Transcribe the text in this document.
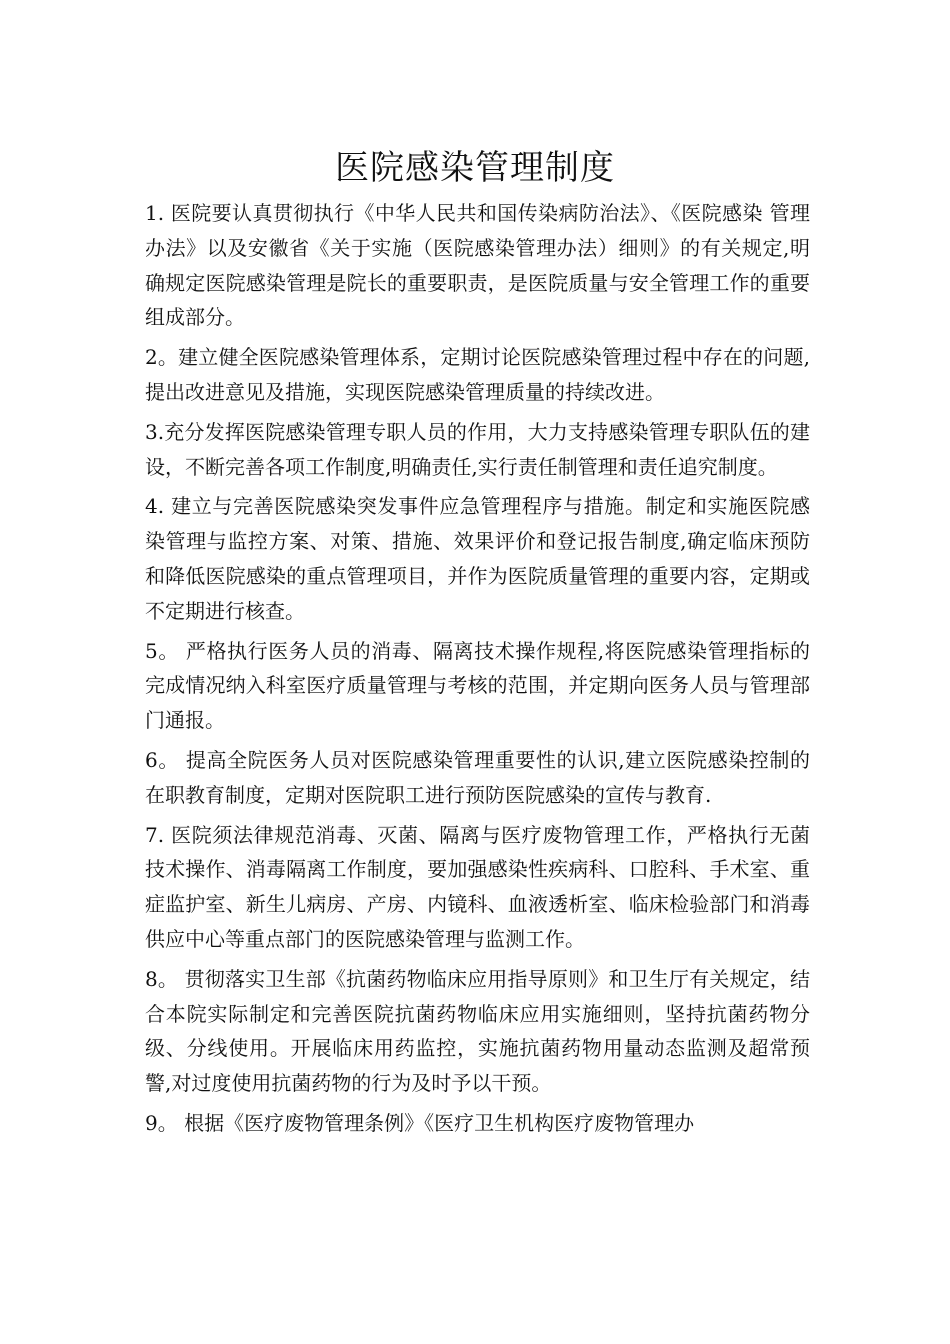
医院感染管理制度

1. 医院要认真贯彻执行《中华人民共和国传染病防治法》、《医院感染 管理办法》以及安徽省《关于实施（医院感染管理办法）细则》的有关规定,明确规定医院感染管理是院长的重要职责，是医院质量与安全管理工作的重要组成部分。

2。建立健全医院感染管理体系，定期讨论医院感染管理过程中存在的问题,提出改进意见及措施，实现医院感染管理质量的持续改进。

3.充分发挥医院感染管理专职人员的作用，大力支持感染管理专职队伍的建设，不断完善各项工作制度,明确责任,实行责任制管理和责任追究制度。

4. 建立与完善医院感染突发事件应急管理程序与措施。制定和实施医院感染管理与监控方案、对策、措施、效果评价和登记报告制度,确定临床预防和降低医院感染的重点管理项目，并作为医院质量管理的重要内容，定期或不定期进行核查。

5。 严格执行医务人员的消毒、隔离技术操作规程,将医院感染管理指标的完成情况纳入科室医疗质量管理与考核的范围，并定期向医务人员与管理部门通报。

6。 提高全院医务人员对医院感染管理重要性的认识,建立医院感染控制的在职教育制度，定期对医院职工进行预防医院感染的宣传与教育.

7. 医院须法律规范消毒、灭菌、隔离与医疗废物管理工作，严格执行无菌技术操作、消毒隔离工作制度，要加强感染性疾病科、口腔科、手术室、重症监护室、新生儿病房、产房、内镜科、血液透析室、临床检验部门和消毒供应中心等重点部门的医院感染管理与监测工作。

8。 贯彻落实卫生部《抗菌药物临床应用指导原则》和卫生厅有关规定，结合本院实际制定和完善医院抗菌药物临床应用实施细则，坚持抗菌药物分级、分线使用。开展临床用药监控，实施抗菌药物用量动态监测及超常预警,对过度使用抗菌药物的行为及时予以干预。

9。 根据《医疗废物管理条例》《医疗卫生机构医疗废物管理办
